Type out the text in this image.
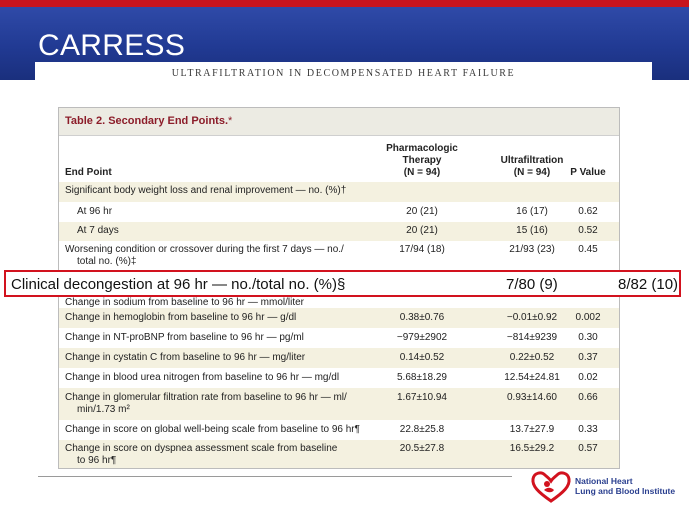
CARRESS
ULTRAFILTRATION IN DECOMPENSATED HEART FAILURE
Table 2. Secondary End Points.*
End Point
Pharmacologic
Therapy
(N = 94)
Ultrafiltration
(N = 94)	P Value
Significant body weight loss and renal improvement — no. (%)†
At 96 hr	20 (21)	16 (17)	0.62
At 7 days	20 (21)	15 (16)	0.52
Worsening condition or crossover during the first 7 days — no./
total no. (%)‡
17/94 (18)	21/93 (23)	0.45
Change in sodium from baseline to 96 hr — mmol/liter
Change in hemoglobin from baseline to 96 hr — g/dl	0.38±0.76	−0.01±0.92	0.002
Change in NT-proBNP from baseline to 96 hr — pg/ml	−979±2902	−814±9239	0.30
Change in cystatin C from baseline to 96 hr — mg/liter	0.14±0.52	0.22±0.52	0.37
Change in blood urea nitrogen from baseline to 96 hr — mg/dl	5.68±18.29	12.54±24.81	0.02
Change in glomerular filtration rate from baseline to 96 hr — ml/
min/1.73 m²
1.67±10.94	0.93±14.60	0.66
Change in score on global well-being scale from baseline to 96 hr¶	22.8±25.8	13.7±27.9	0.33
Change in score on dyspnea assessment scale from baseline
to 96 hr¶
20.5±27.8	16.5±29.2	0.57
Clinical decongestion at 96 hr — no./total no. (%)§	7/80 (9)	8/82 (10)
National Heart
Lung and Blood Institute
